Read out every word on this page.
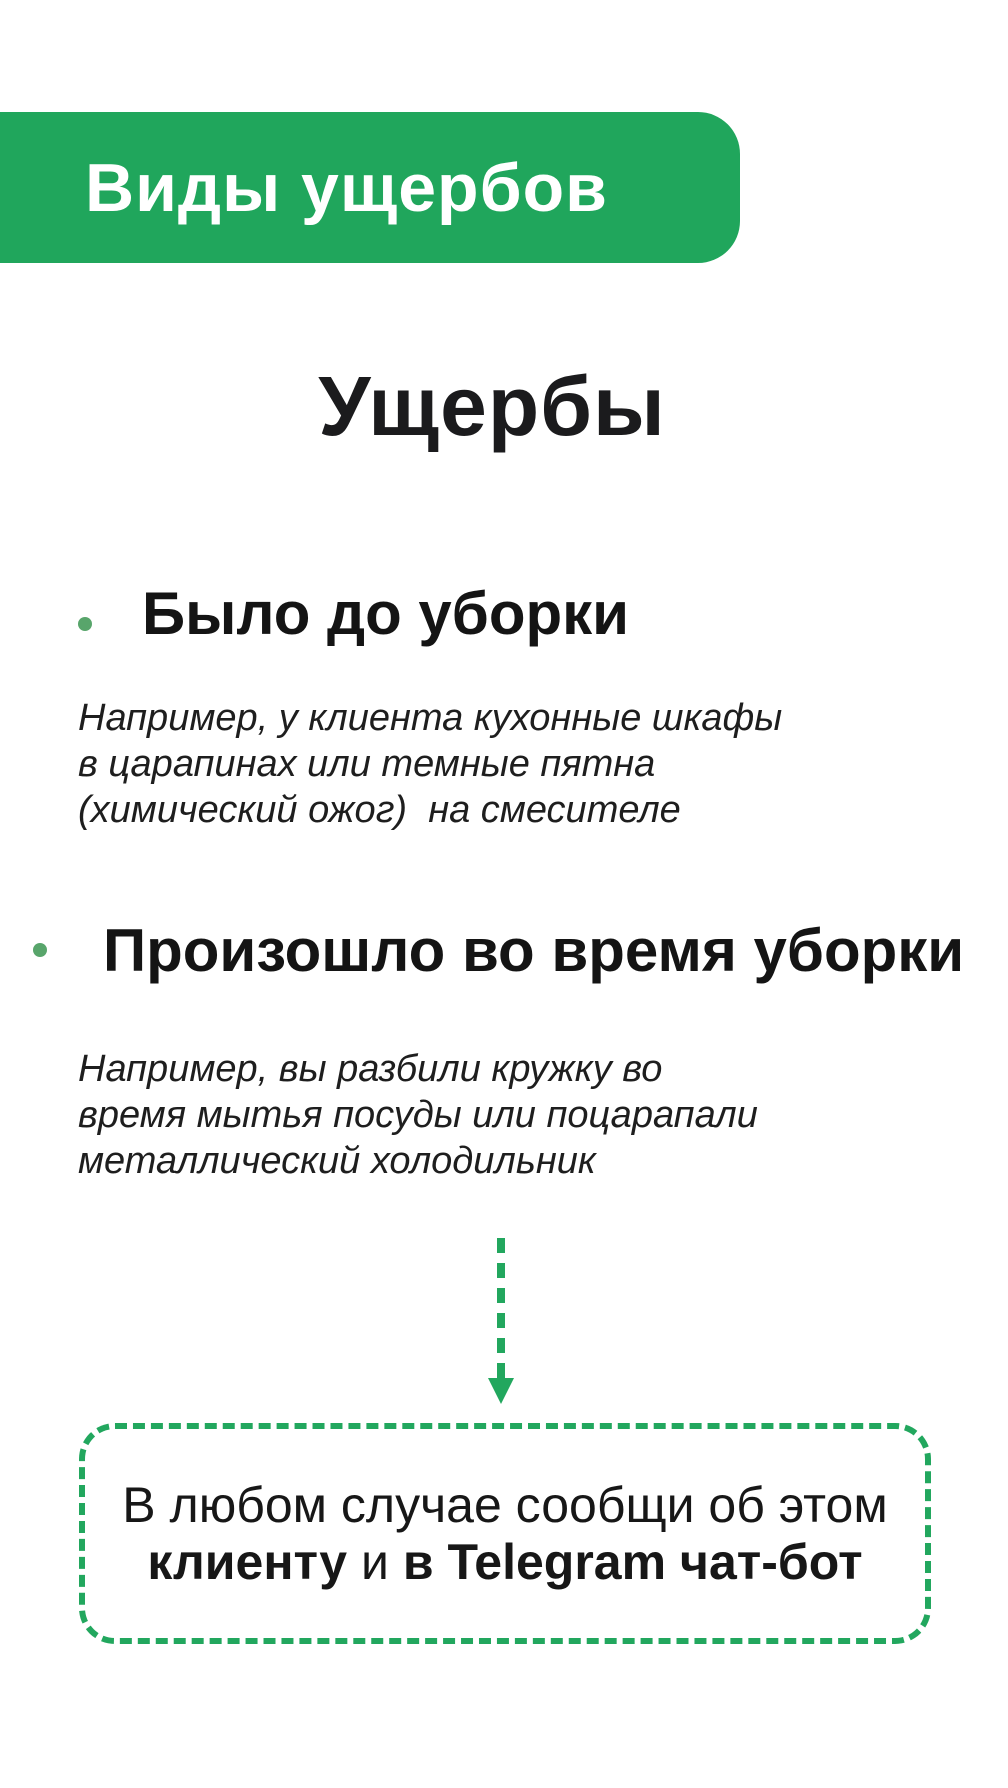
Виды ущербов
Ущербы
Было до уборки
Например, у клиента кухонные шкафы
в царапинах или темные пятна
(химический ожог)  на смесителе
Произошло во время уборки
Например, вы разбили кружку во
время мытья посуды или поцарапали
металлический холодильник
В любом случае сообщи об этом
клиенту и в Telegram чат-бот
